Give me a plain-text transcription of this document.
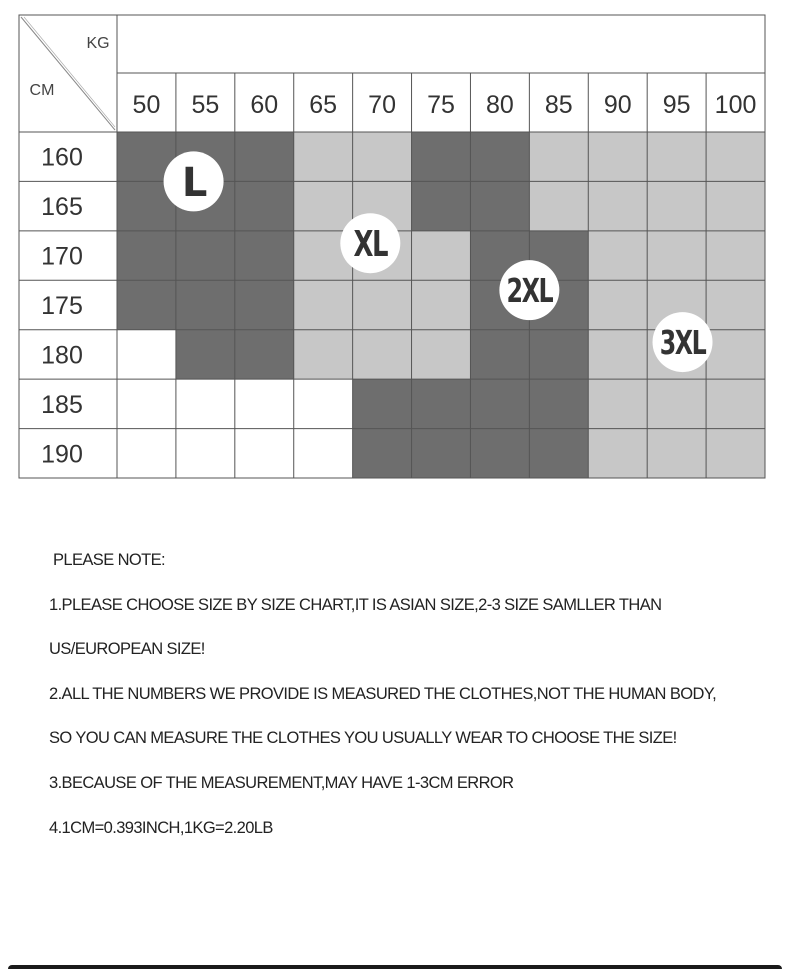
KG
CM
50 55 60 65 70 75 80 85 90 95 100
160
165
170
175
180
185
190
L
XL
2XL
3XL
PLEASE NOTE:
1.PLEASE CHOOSE SIZE BY SIZE CHART,IT IS ASIAN SIZE,2-3 SIZE SAMLLER THAN
US/EUROPEAN SIZE!
2.ALL THE NUMBERS WE PROVIDE IS MEASURED THE CLOTHES,NOT THE HUMAN BODY,
SO YOU CAN MEASURE THE CLOTHES YOU USUALLY WEAR TO CHOOSE THE SIZE!
3.BECAUSE OF THE MEASUREMENT,MAY HAVE 1-3CM ERROR
4.1CM=0.393INCH,1KG=2.20LB
